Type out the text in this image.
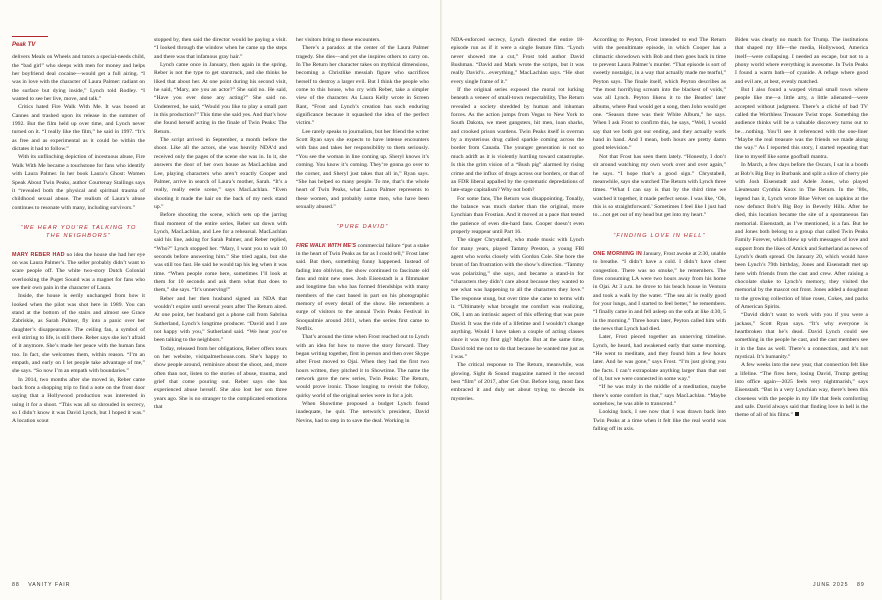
Peak TV

delivers Meals on Wheels and tutors a special-needs child, the “bad girl” who sleeps with men for money and helps her boyfriend deal cocaine—would get a full airing. “I was in love with the character of Laura Palmer: radiant on the surface but dying inside,” Lynch told Rodley. “I wanted to see her live, move, and talk.”

Critics hated Fire Walk With Me. It was booed at Cannes and trashed upon its release in the summer of 1992. But the film held up over time, and Lynch never turned on it. “I really like the film,” he said in 1997. “It’s as free and as experimental as it could be within the dictates it had to follow.”

With its unflinching depiction of incestuous abuse, Fire Walk With Me became a touchstone for fans who identify with Laura Palmer. In her book Laura’s Ghost: Women Speak About Twin Peaks, author Courtenay Stallings says it “revealed both the physical and spiritual trauma of childhood sexual abuse. The realism of Laura’s abuse continues to resonate with many, including survivors.”

“WE HEAR YOU’RE TALKING TO THE NEIGHBORS”

MARY REBER HAD no idea the house she had her eye on was Laura Palmer’s. The seller probably didn’t want to scare people off. The white two-story Dutch Colonial overlooking the Puget Sound was a magnet for fans who see their own pain in the character of Laura.

Inside, the house is eerily unchanged from how it looked when the pilot was shot here in 1989. You can stand at the bottom of the stairs and almost see Grace Zabriskie, as Sarah Palmer, fly into a panic over her daughter’s disappearance. The ceiling fan, a symbol of evil stirring to life, is still there. Reber says she isn’t afraid of it anymore. She’s made her peace with the human fans too. In fact, she welcomes them, within reason. “I’m an empath, and early on I let people take advantage of me,” she says. “So now I’m an empath with boundaries.”

In 2014, two months after she moved in, Reber came back from a shopping trip to find a note on the front door saying that a Hollywood production was interested in using it for a shoot. “This was all so shrouded in secrecy, so I didn’t know it was David Lynch, but I hoped it was.” A location scout

stopped by, then said the director would be paying a visit. “I looked through the window when he came up the steps and there was that infamous gray hair.”

Lynch came once in January, then again in the spring. Reber is not the type to get starstruck, and she thinks he liked that about her. At one point during his second visit, he said, “Mary, are you an actor?” She said no. He said, “Have you ever done any acting?” She said no. Undeterred, he said, “Would you like to play a small part in this production?” This time she said yes. And that’s how she found herself acting in the finale of Twin Peaks: The Return.

The script arrived in September, a month before the shoot. Like all the actors, she was heavily NDA’d and received only the pages of the scene she was in. In it, she answers the door of her own house as MacLachlan and Lee, playing characters who aren’t exactly Cooper and Palmer, arrive in search of Laura’s mother, Sarah. “It’s a really, really eerie scene,” says MacLachlan. “Even shooting it made the hair on the back of my neck stand up.”

Before shooting the scene, which sets up the jarring final moment of the entire series, Reber sat down with Lynch, MacLachlan, and Lee for a rehearsal. MacLachlan said his line, asking for Sarah Palmer, and Reber replied, “Who?” Lynch stopped her. “Mary, I want you to wait 10 seconds before answering him.” She tried again, but she was still too fast. He said he would tap his leg when it was time. “When people come here, sometimes I’ll look at them for 10 seconds and ask them what that does to them,” she says. “It’s unnerving!”

Reber and her then husband signed an NDA that wouldn’t expire until several years after The Return aired. At one point, her husband got a phone call from Sabrina Sutherland, Lynch’s longtime producer. “David and I are not happy with you,” Sutherland said. “We hear you’ve been talking to the neighbors.”

Today, released from her obligations, Reber offers tours on her website, visitpalmerhouse.com. She’s happy to show people around, reminisce about the shoot, and, more often than not, listen to the stories of abuse, trauma, and grief that come pouring out. Reber says she has experienced abuse herself. She also lost her son three years ago. She is no stranger to the complicated emotions that

her visitors bring to these encounters.

There’s a paradox at the center of the Laura Palmer tragedy. She dies—and yet she inspires others to carry on. In The Return her character takes on mythical dimensions, becoming a Christlike messiah figure who sacrifices herself to destroy a larger evil. But I think the people who come to this house, who cry with Reber, take a simpler view of the character. As Laura Kelly wrote in Screen Rant, “Frost and Lynch’s creation has such enduring significance because it squashed the idea of the perfect victim.”

Lee rarely speaks to journalists, but her friend the writer Scott Ryan says she expects to have intense encounters with fans and takes her responsibility to them seriously. “You see the woman in line coming up. Sheryl knows it’s coming. You know it’s coming. They’re gonna go over to the corner, and Sheryl just takes that all in,” Ryan says. “She has helped so many people. To me, that’s the whole heart of Twin Peaks, what Laura Palmer represents to these women, and probably some men, who have been sexually abused.”

“PURE DAVID”

FIRE WALK WITH ME’S commercial failure “put a stake in the heart of Twin Peaks as far as I could tell,” Frost later said. But then, something funny happened. Instead of fading into oblivion, the show continued to fascinate old fans and mint new ones. Josh Eisenstadt is a filmmaker and longtime fan who has formed friendships with many members of the cast based in part on his photographic memory of every detail of the show. He remembers a surge of visitors to the annual Twin Peaks Festival in Snoqualmie around 2011, when the series first came to Netflix.

That’s around the time when Frost reached out to Lynch with an idea for how to move the story forward. They began writing together, first in person and then over Skype after Frost moved to Ojai. When they had the first two hours written, they pitched it to Showtime. The name the network gave the new series, Twin Peaks: The Return, would prove ironic. Those longing to revisit the folksy, quirky world of the original series were in for a jolt.

When Showtime proposed a budget Lynch found inadequate, he quit. The network’s president, David Nevins, had to step in to save the deal. Working in

88 VANITY FAIR

NDA-enforced secrecy, Lynch directed the entire 18-episode run as if it were a single feature film. “Lynch never showed me a cut,” Frost told author David Bushman. “David and Mark wrote the scripts, but it was really David’s…everything,” MacLachlan says. “He shot every single frame of it.”

If the original series exposed the moral rot lurking beneath a veneer of small-town respectability, The Return revealed a society shredded by human and inhuman forces. As the action jumps from Vegas to New York to South Dakota, we meet gangsters, hit men, loan sharks, and crooked prison wardens. Twin Peaks itself is overrun by a mysterious drug called sparkle coming across the border from Canada. The younger generation is not so much adrift as it is violently hurtling toward catastrophe. Is this the grim vision of a “Bush pig” alarmed by rising crime and the influx of drugs across our borders, or that of an FDR liberal appalled by the systematic depredations of late-stage capitalism? Why not both?

For some fans, The Return was disappointing. Tonally, the balance was much darker than the original, more Lynchian than Frostian. And it moved at a pace that tested the patience of even die-hard fans. Cooper doesn’t even properly reappear until Part 16.

The singer Chrystabell, who made music with Lynch for many years, played Tammy Preston, a young FBI agent who works closely with Gordon Cole. She bore the brunt of fan frustration with the show’s direction. “Tammy was polarizing,” she says, and became a stand-in for “characters they didn’t care about because they wanted to see what was happening to all the characters they love.” The response stung, but over time she came to terms with it. “Ultimately what brought me comfort was realizing, OK, I am an intrinsic aspect of this offering that was pure David. It was the ride of a lifetime and I wouldn’t change anything. Would I have taken a couple of acting classes since it was my first gig? Maybe. But at the same time, David told me not to do that because he wanted me just as I was.”

The critical response to The Return, meanwhile, was glowing. Sight & Sound magazine named it the second best “film” of 2017, after Get Out. Before long, most fans embraced it and duly set about trying to decode its mysteries.

According to Peyton, Frost intended to end The Return with the penultimate episode, in which Cooper has a climactic showdown with Bob and then goes back in time to prevent Laura Palmer’s murder. “That episode is sort of sweetly nostalgic, in a way that actually made me tearful,” Peyton says. The finale itself, which Peyton describes as “the most horrifying scream into the blackest of voids,” was all Lynch. Peyton likens it to the Beatles’ later albums, where Paul would get a song, then John would get one. “Season three was their White Album,” he says. When I ask Frost to confirm this, he says, “Well, I would say that we both got our ending, and they actually work hand in hand. And I mean, both hours are pretty damn good television.”

Not that Frost has seen them lately. “Honestly, I don’t sit around watching my own work over and over again,” he says. “I hope that’s a good sign.” Chrystabell, meanwhile, says she watched The Return with Lynch three times. “What I can say is that by the third time we watched it together, it made perfect sense. I was like, ‘Oh, this is so straightforward.’ Sometimes I feel like I just had to…not get out of my head but get into my heart.”

“FINDING LOVE IN HELL”

ONE MORNING IN January, Frost awoke at 2:30, unable to breathe. “I didn’t have a cold. I didn’t have chest congestion. There was no smoke,” he remembers. The fires consuming LA were two hours away from his home in Ojai. At 3 a.m. he drove to his beach house in Ventura and took a walk by the water. “The sea air is really good for your lungs, and I started to feel better,” he remembers. “I finally came in and fell asleep on the sofa at like 4:30, 5 in the morning.” Three hours later, Peyton called him with the news that Lynch had died.

Later, Frost pieced together an unnerving timeline. Lynch, he heard, had awakened early that same morning. “He went to meditate, and they found him a few hours later. And he was gone,” says Frost. “I’m just giving you the facts. I can’t extrapolate anything larger than that out of it, but we were connected in some way.”

“If he was truly in the middle of a meditation, maybe there’s some comfort in that,” says MacLachlan. “Maybe somehow, he was able to transcend.”

Looking back, I see now that I was drawn back into Twin Peaks at a time when it felt like the real world was falling off its axis.

Biden was clearly no match for Trump. The institutions that shaped my life—the media, Hollywood, America itself—were collapsing. I needed an escape, but not to a phony world where everything is awesome. In Twin Peaks I found a warm bath—of cyanide. A refuge where good and evil are, at best, evenly matched.

But I also found a warped virtual small town where people like me—a little arty, a little alienated—were accepted without judgment. There’s a cliché of bad TV called the Worthless Treasure Twist trope. Something the audience thinks will be a valuable discovery turns out to be…nothing. You’ll see it referenced with the one-liner “Maybe the real treasure was the friends we made along the way.” As I reported this story, I started repeating that line to myself like some goofball mantra.

In March, a few days before the Oscars, I sat in a booth at Bob’s Big Boy in Burbank and split a slice of cherry pie with Josh Eisenstadt and Adele Jones, who played Lieutenant Cynthia Knox in The Return. In the ’80s, legend has it, Lynch wrote Blue Velvet on napkins at the now defunct Bob’s Big Boy in Beverly Hills. After he died, this location became the site of a spontaneous fan memorial. Eisenstadt, as I’ve mentioned, is a fan. But he and Jones both belong to a group chat called Twin Peaks Family Forever, which blew up with messages of love and support from the likes of Amick and Sutherland as news of Lynch’s death spread. On January 20, which would have been Lynch’s 79th birthday, Jones and Eisenstadt met up here with friends from the cast and crew. After raising a chocolate shake to Lynch’s memory, they visited the memorial by the mascot out front. Jones added a doughnut to the growing collection of blue roses, Cokes, and packs of American Spirits.

“David didn’t want to work with you if you were a jackass,” Scott Ryan says. “It’s why everyone is heartbroken that he’s dead. David Lynch could see something in the people he cast, and the cast members see it in the fans as well. There’s a connection, and it’s not mystical. It’s humanity.”

A few weeks into the new year, that connection felt like a lifeline. “The fires here, losing David, Trump getting into office again—2025 feels very nightmarish,” says Eisenstadt. “But in a very Lynchian way, there’s been this closeness with the people in my life that feels comforting and safe. David always said that finding love in hell is the theme of all of his films.”

JUNE 2025 89
